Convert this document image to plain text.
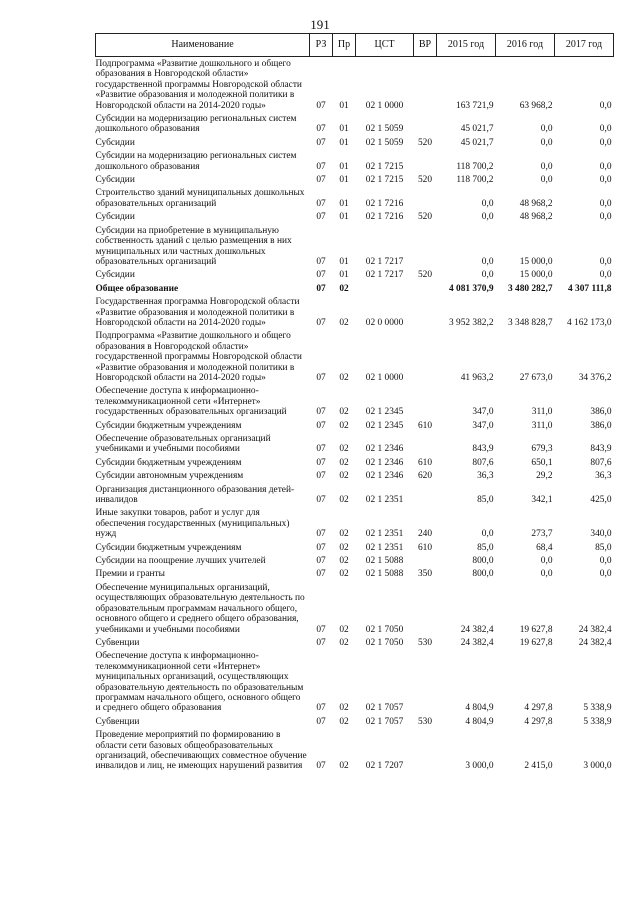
191
Наименование	РЗ	Пр	ЦСТ	ВР	2015 год	2016 год	2017 год
Подпрограмма «Развитие дошкольного и общего образования в Новгородской области» государственной программы Новгородской области «Развитие образования и молодежной политики в Новгородской области на 2014-2020 годы»	07	01	02 1 0000		163 721,9	63 968,2	0,0
Субсидии на модернизацию региональных систем дошкольного образования	07	01	02 1 5059		45 021,7	0,0	0,0
Субсидии	07	01	02 1 5059	520	45 021,7	0,0	0,0
Субсидии на модернизацию региональных систем дошкольного образования	07	01	02 1 7215		118 700,2	0,0	0,0
Субсидии	07	01	02 1 7215	520	118 700,2	0,0	0,0
Строительство зданий муниципальных дошкольных образовательных организаций	07	01	02 1 7216		0,0	48 968,2	0,0
Субсидии	07	01	02 1 7216	520	0,0	48 968,2	0,0
Субсидии на приобретение в муниципальную собственность зданий с целью размещения в них муниципальных или частных дошкольных образовательных организаций	07	01	02 1 7217		0,0	15 000,0	0,0
Субсидии	07	01	02 1 7217	520	0,0	15 000,0	0,0
Общее образование	07	02			4 081 370,9	3 480 282,7	4 307 111,8
Государственная программа Новгородской области «Развитие образования и молодежной политики в Новгородской области на 2014-2020 годы»	07	02	02 0 0000		3 952 382,2	3 348 828,7	4 162 173,0
Подпрограмма «Развитие дошкольного и общего образования в Новгородской области» государственной программы Новгородской области «Развитие образования и молодежной политики в Новгородской области на 2014-2020 годы»	07	02	02 1 0000		41 963,2	27 673,0	34 376,2
Обеспечение доступа к информационно-телекоммуникационной сети «Интернет» государственных образовательных организаций	07	02	02 1 2345		347,0	311,0	386,0
Субсидии бюджетным учреждениям	07	02	02 1 2345	610	347,0	311,0	386,0
Обеспечение образовательных организаций учебниками и учебными пособиями	07	02	02 1 2346		843,9	679,3	843,9
Субсидии бюджетным учреждениям	07	02	02 1 2346	610	807,6	650,1	807,6
Субсидии автономным учреждениям	07	02	02 1 2346	620	36,3	29,2	36,3
Организация дистанционного образования детей-инвалидов	07	02	02 1 2351		85,0	342,1	425,0
Иные закупки товаров, работ и услуг для обеспечения государственных (муниципальных) нужд	07	02	02 1 2351	240	0,0	273,7	340,0
Субсидии бюджетным учреждениям	07	02	02 1 2351	610	85,0	68,4	85,0
Субсидии на поощрение лучших учителей	07	02	02 1 5088		800,0	0,0	0,0
Премии и гранты	07	02	02 1 5088	350	800,0	0,0	0,0
Обеспечение муниципальных организаций, осуществляющих образовательную деятельность по образовательным программам начального общего, основного общего и среднего общего образования, учебниками и учебными пособиями	07	02	02 1 7050		24 382,4	19 627,8	24 382,4
Субвенции	07	02	02 1 7050	530	24 382,4	19 627,8	24 382,4
Обеспечение доступа к информационно-телекоммуникационной сети «Интернет» муниципальных организаций, осуществляющих образовательную деятельность по образовательным программам начального общего, основного общего и среднего общего образования	07	02	02 1 7057		4 804,9	4 297,8	5 338,9
Субвенции	07	02	02 1 7057	530	4 804,9	4 297,8	5 338,9
Проведение мероприятий по формированию в области сети базовых общеобразовательных организаций, обеспечивающих совместное обучение инвалидов и лиц, не имеющих нарушений развития	07	02	02 1 7207		3 000,0	2 415,0	3 000,0
